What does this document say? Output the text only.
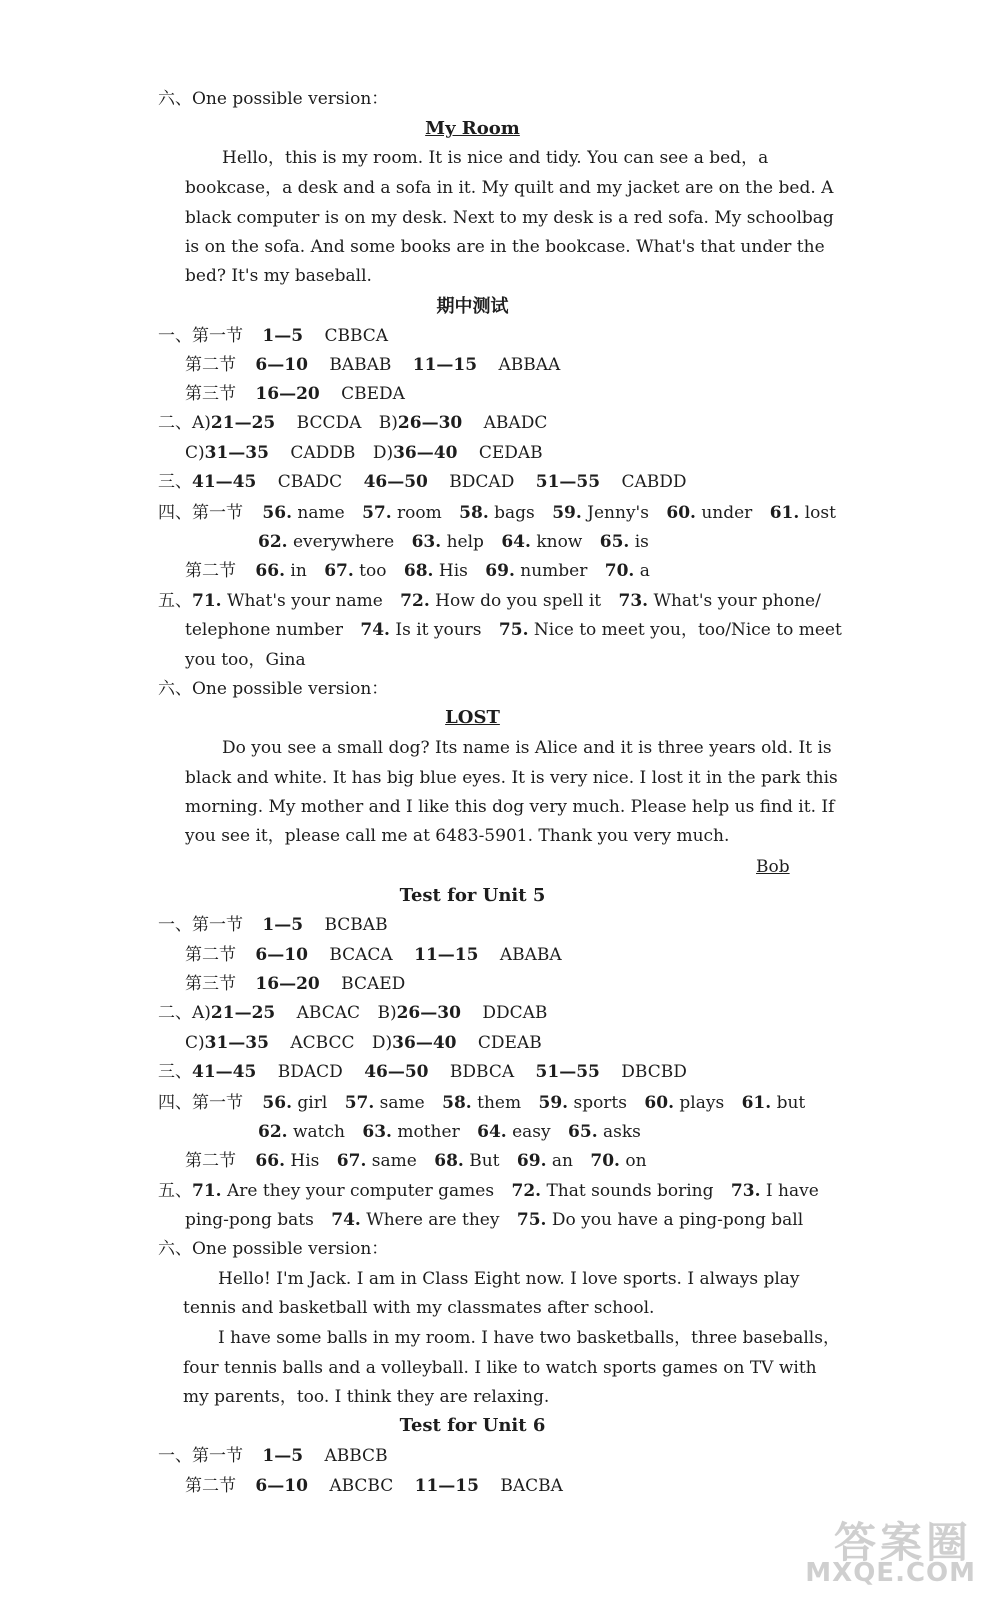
六、One possible version：
My Room
Hello，this is my room. It is nice and tidy. You can see a bed，a
bookcase，a desk and a sofa in it. My quilt and my jacket are on the bed. A
black computer is on my desk. Next to my desk is a red sofa. My schoolbag
is on the sofa. And some books are in the bookcase. What's that under the
bed? It's my baseball.
期中测试
一、第一节 1—5 CBBCA
第二节 6—10 BABAB 11—15 ABBAA
第三节 16—20 CBEDA
二、A)21—25 BCCDA B)26—30 ABADC
C)31—35 CADDB D)36—40 CEDAB
三、41—45 CBADC 46—50 BDCAD 51—55 CABDD
四、第一节 56. name 57. room 58. bags 59. Jenny's 60. under 61. lost
62. everywhere 63. help 64. know 65. is
第二节 66. in 67. too 68. His 69. number 70. a
五、71. What's your name 72. How do you spell it 73. What's your phone/
telephone number 74. Is it yours 75. Nice to meet you，too/Nice to meet
you too，Gina
六、One possible version：
LOST
Do you see a small dog? Its name is Alice and it is three years old. It is
black and white. It has big blue eyes. It is very nice. I lost it in the park this
morning. My mother and I like this dog very much. Please help us find it. If
you see it，please call me at 6483-5901. Thank you very much.
Bob
Test for Unit 5
一、第一节 1—5 BCBAB
第二节 6—10 BCACA 11—15 ABABA
第三节 16—20 BCAED
二、A)21—25 ABCAC B)26—30 DDCAB
C)31—35 ACBCC D)36—40 CDEAB
三、41—45 BDACD 46—50 BDBCA 51—55 DBCBD
四、第一节 56. girl 57. same 58. them 59. sports 60. plays 61. but
62. watch 63. mother 64. easy 65. asks
第二节 66. His 67. same 68. But 69. an 70. on
五、71. Are they your computer games 72. That sounds boring 73. I have
ping-pong bats 74. Where are they 75. Do you have a ping-pong ball
六、One possible version：
Hello! I'm Jack. I am in Class Eight now. I love sports. I always play
tennis and basketball with my classmates after school.
I have some balls in my room. I have two basketballs，three baseballs，
four tennis balls and a volleyball. I like to watch sports games on TV with
my parents，too. I think they are relaxing.
Test for Unit 6
一、第一节 1—5 ABBCB
第二节 6—10 ABCBC 11—15 BACBA
答案圈
MXQE.COM
